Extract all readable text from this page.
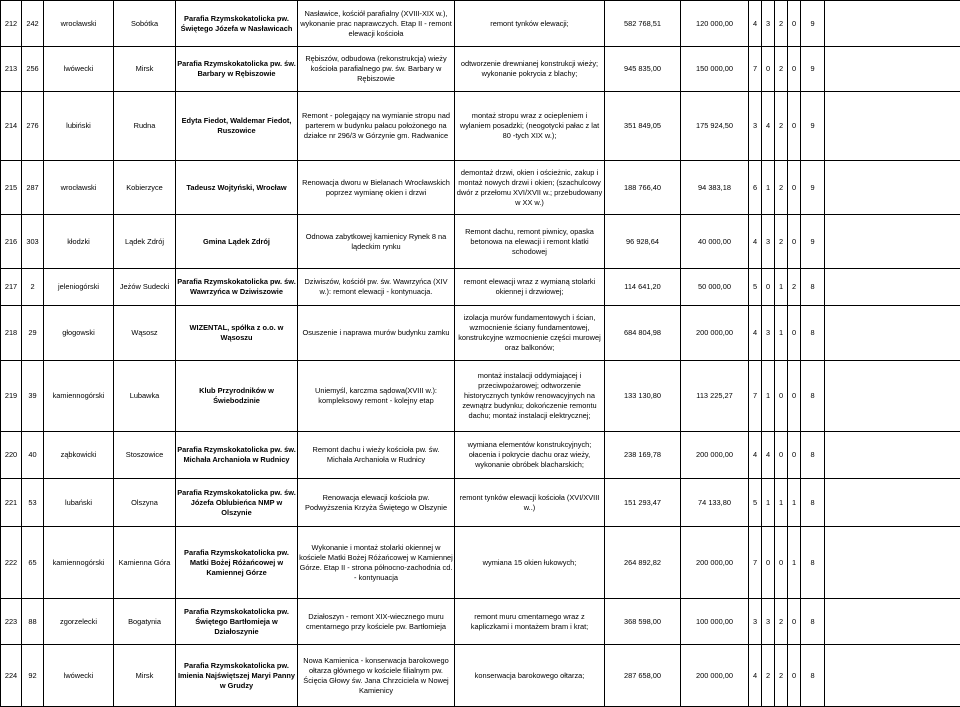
212	242	wrocławski	Sobótka	Parafia Rzymskokatolicka pw. Świętego Józefa w Nasławicach	Nasławice, kościół parafialny (XVIII-XIX w.), wykonanie prac naprawczych. Etap II - remont elewacji kościoła	remont tynków elewacji;	582 768,51	120 000,00	4	3	2	0	9	
213	256	lwówecki	Mirsk	Parafia Rzymskokatolicka pw. św. Barbary w Rębiszowie	Rębiszów, odbudowa (rekonstrukcja) wieży kościoła parafialnego pw. św. Barbary w Rębiszowie	odtworzenie drewnianej konstrukcji wieży; wykonanie pokrycia z blachy;	945 835,00	150 000,00	7	0	2	0	9	
214	276	lubiński	Rudna	Edyta Fiedot, Waldemar Fiedot, Ruszowice	Remont - polegający na wymianie stropu nad parterem w budynku pałacu położonego na działce nr 296/3 w Górzynie gm. Radwanice	montaż stropu wraz z ociepleniem i wylaniem posadzki; (neogotycki pałac z lat 80 -tych XIX w.);	351 849,05	175 924,50	3	4	2	0	9	
215	287	wrocławski	Kobierzyce	Tadeusz Wojtyński, Wrocław	Renowacja dworu w Bielanach Wrocławskich poprzez wymianę okien i drzwi	demontaż drzwi, okien i ościeżnic, zakup i montaż nowych drzwi i okien; (szachulcowy dwór z przełomu XVI/XVII w.; przebudowany w XX w.)	188 766,40	94 383,18	6	1	2	0	9	
216	303	kłodzki	Lądek Zdrój	Gmina Lądek Zdrój	Odnowa zabytkowej kamienicy Rynek 8 na lądeckim rynku	Remont dachu, remont piwnicy, opaska betonowa na elewacji i remont klatki schodowej	96 928,64	40 000,00	4	3	2	0	9	
217	2	jeleniogórski	Jeżów Sudecki	Parafia Rzymskokatolicka pw. św. Wawrzyńca w Dziwiszowie	Dziwiszów, kościół pw. św. Wawrzyńca (XIV w.): remont elewacji - kontynuacja.	remont elewacji wraz z wymianą stolarki okiennej i drzwiowej;	114 641,20	50 000,00	5	0	1	2	8	
218	29	głogowski	Wąsosz	WIZENTAL, spółka z o.o. w Wąsoszu	Osuszenie i naprawa murów budynku zamku	izolacja murów fundamentowych i ścian, wzmocnienie ściany fundamentowej, konstrukcyjne wzmocnienie części murowej oraz balkonów;	684 804,98	200 000,00	4	3	1	0	8	
219	39	kamiennogórski	Lubawka	Klub Przyrodników w Świebodzinie	Uniemyśl, karczma sądowa(XVIII w.): kompleksowy remont - kolejny etap	montaż instalacji oddymiającej i przeciwpożarowej; odtworzenie historycznych tynków renowacyjnych na zewnątrz budynku; dokończenie remontu dachu; montaż instalacji elektrycznej;	133 130,80	113 225,27	7	1	0	0	8	
220	40	ząbkowicki	Stoszowice	Parafia Rzymskokatolicka pw. św. Michała Archanioła w Rudnicy	Remont dachu i wieży kościoła pw. św. Michała Archanioła w Rudnicy	wymiana elementów konstrukcyjnych; ołacenia i pokrycie dachu oraz wieży, wykonanie obróbek blacharskich;	238 169,78	200 000,00	4	4	0	0	8	
221	53	lubański	Olszyna	Parafia Rzymskokatolicka pw. św. Józefa Oblubieńca NMP w Olszynie	Renowacja elewacji kościoła pw. Podwyższenia Krzyża Świętego w Olszynie	remont tynków elewacji kościoła (XVI/XVIII w..)	151 293,47	74 133,80	5	1	1	1	8	
222	65	kamiennogórski	Kamienna Góra	Parafia Rzymskokatolicka pw. Matki Bożej Różańcowej w Kamiennej Górze	Wykonanie i montaż stolarki okiennej w kościele Matki Bożej Różańcowej w Kamiennej Górze. Etap II - strona północno-zachodnia cd. - kontynuacja	wymiana 15 okien łukowych;	264 892,82	200 000,00	7	0	0	1	8	
223	88	zgorzelecki	Bogatynia	Parafia Rzymskokatolicka pw. Świętego Bartłomieja w Działoszynie	Działoszyn - remont XIX-wiecznego muru cmentarnego przy kościele pw. Bartłomieja	remont muru cmentarnego wraz z kapliczkami i montażem bram i krat;	368 598,00	100 000,00	3	3	2	0	8	
224	92	lwówecki	Mirsk	Parafia Rzymskokatolicka pw. Imienia Najświętszej Maryi Panny w Grudzy	Nowa Kamienica - konserwacja barokowego ołtarza głównego w kościele filialnym pw. Ścięcia Głowy św. Jana Chrzciciela w Nowej Kamienicy	konserwacja barokowego ołtarza;	287 658,00	200 000,00	4	2	2	0	8	
